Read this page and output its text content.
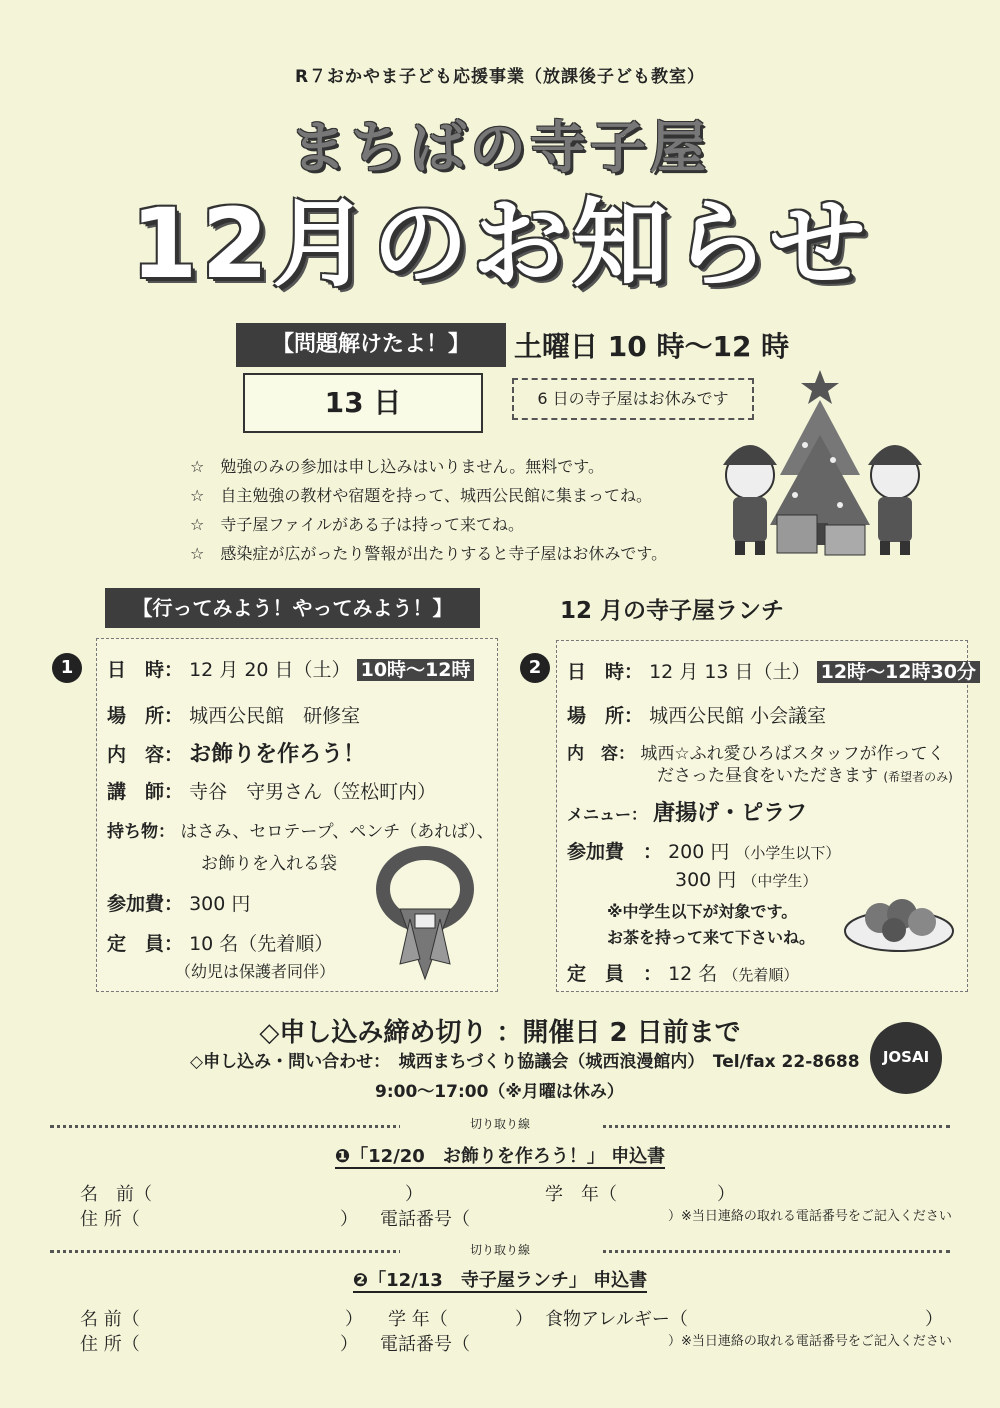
R７おかやま子ども応援事業（放課後子ども教室）
まちばの寺子屋
12月のお知らせ
【問題解けたよ！】	土曜日 10 時～12 時
13 日	6 日の寺子屋はお休みです
☆　勉強のみの参加は申し込みはいりません。無料です。
☆　自主勉強の教材や宿題を持って、城西公民館に集まってね。
☆　寺子屋ファイルがある子は持って来てね。
☆　感染症が広がったり警報が出たりすると寺子屋はお休みです。
【行ってみよう！やってみよう！】	12 月の寺子屋ランチ
1	日　時： 12 月 20 日（土） 10時～12時
場　所： 城西公民館　研修室
内　容： お飾りを作ろう！
講　師： 寺谷　守男さん（笠松町内）
持ち物： はさみ、セロテープ、ペンチ（あれば）、
お飾りを入れる袋
参加費： 300 円
定　員： 10 名（先着順）
（幼児は保護者同伴）
2	日　時： 12 月 13 日（土） 12時～12時30分
場　所： 城西公民館 小会議室
内　容： 城西☆ふれ愛ひろばスタッフが作ってく
ださった昼食をいただきます (希望者のみ)
メニュー： 唐揚げ・ピラフ
参加費　： 200 円 （小学生以下）
300 円 （中学生）
※中学生以下が対象です。
お茶を持って来て下さいね。
定　員　： 12 名 （先着順）
◇申し込み締め切り ：開催日 2 日前まで
◇申し込み・問い合わせ：　城西まちづくり協議会（城西浪漫館内）　Tel/fax 22-8688
9:00～17:00（※月曜は休み）
JOSAI
切り取り線
❶「12/20　お飾りを作ろう！」 申込書
名　前（	）	学　年（	）
住 所（	） 電話番号（	）※当日連絡の取れる電話番号をご記入ください
切り取り線
❷「12/13　寺子屋ランチ」 申込書
名 前（	） 学 年（	） 食物アレルギー（	）
住 所（	） 電話番号（	）※当日連絡の取れる電話番号をご記入ください
